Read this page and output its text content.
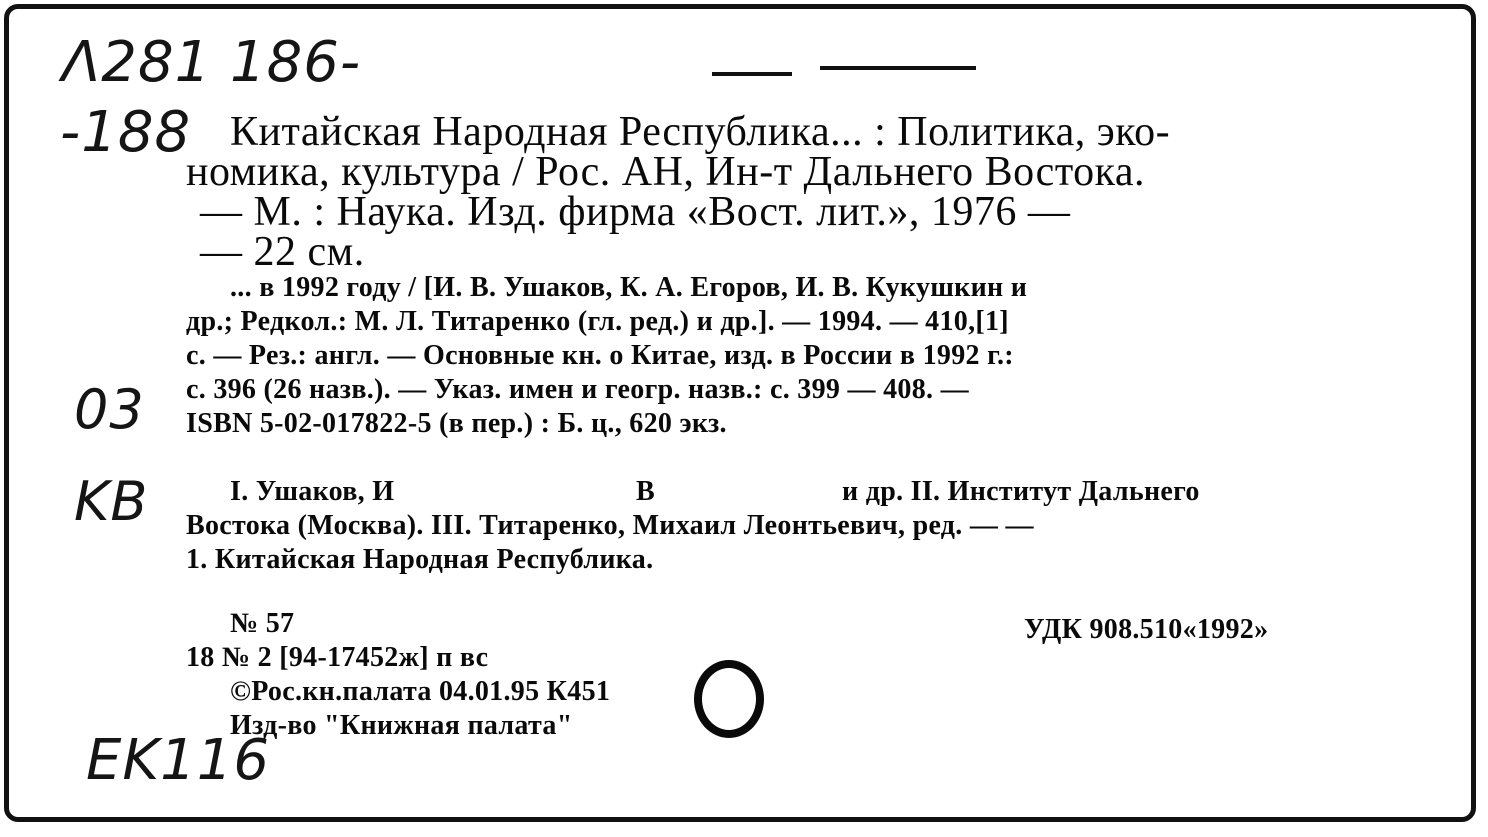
Λ281 186-
-188
03
KB
EK116
Китайская Народная Республика... : Политика, эко-
номика, культура / Рос. АН, Ин-т Дальнего Востока.
— М. : Наука. Изд. фирма «Вост. лит.», 1976 —
— 22 см.
... в 1992 году / [И. В. Ушаков, К. А. Егоров, И. В. Кукушкин и
др.; Редкол.: М. Л. Титаренко (гл. ред.) и др.]. — 1994. — 410,[1]
с. — Рез.: англ. — Основные кн. о Китае, изд. в России в 1992 г.:
с. 396 (26 назв.). — Указ. имен и геогр. назв.: с. 399 — 408. —
ISBN 5-02-017822-5 (в пер.) : Б. ц., 620 экз.
I. Ушаков, И	В	и др. II. Институт Дальнего
Востока (Москва). III. Титаренко, Михаил Леонтьевич, ред. — —
1. Китайская Народная Республика.
№ 57	УДК 908.510«1992»
18 № 2 [94-17452ж] п вс
©Рос.кн.палата 04.01.95 К451
Изд-во "Книжная палата"
